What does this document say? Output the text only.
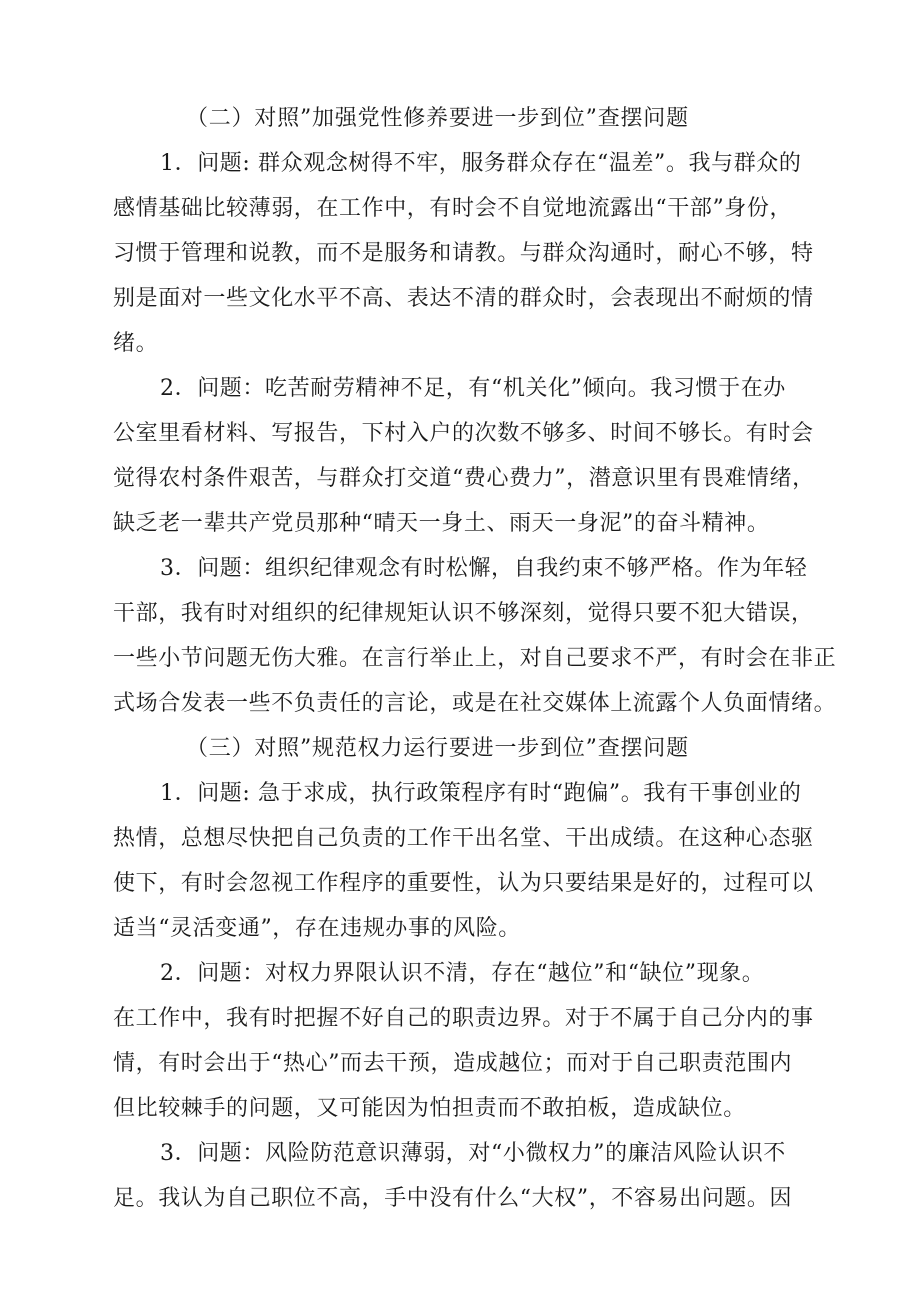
（二）对照”加强党性修养要进一步到位”查摆问题
1．问题: 群众观念树得不牢，服务群众存在“温差”。我与群众的
感情基础比较薄弱，在工作中，有时会不自觉地流露出“干部”身份，
习惯于管理和说教，而不是服务和请教。与群众沟通时，耐心不够，特
别是面对一些文化水平不高、表达不清的群众时，会表现出不耐烦的情
绪。
2．问题：吃苦耐劳精神不足，有“机关化”倾向。我习惯于在办
公室里看材料、写报告，下村入户的次数不够多、时间不够长。有时会
觉得农村条件艰苦，与群众打交道“费心费力”，潜意识里有畏难情绪，
缺乏老一辈共产党员那种“晴天一身土、雨天一身泥”的奋斗精神。
3．问题：组织纪律观念有时松懈，自我约束不够严格。作为年轻
干部，我有时对组织的纪律规矩认识不够深刻，觉得只要不犯大错误，
一些小节问题无伤大雅。在言行举止上，对自己要求不严，有时会在非正
式场合发表一些不负责任的言论，或是在社交媒体上流露个人负面情绪。
（三）对照”规范权力运行要进一步到位”查摆问题
1．问题: 急于求成，执行政策程序有时“跑偏”。我有干事创业的
热情，总想尽快把自己负责的工作干出名堂、干出成绩。在这种心态驱
使下，有时会忽视工作程序的重要性，认为只要结果是好的，过程可以
适当“灵活变通”，存在违规办事的风险。
2．问题：对权力界限认识不清，存在“越位”和“缺位”现象。
在工作中，我有时把握不好自己的职责边界。对于不属于自己分内的事
情，有时会出于“热心”而去干预，造成越位；而对于自己职责范围内
但比较棘手的问题，又可能因为怕担责而不敢拍板，造成缺位。
3．问题：风险防范意识薄弱，对“小微权力”的廉洁风险认识不
足。我认为自己职位不高，手中没有什么“大权”，不容易出问题。因
